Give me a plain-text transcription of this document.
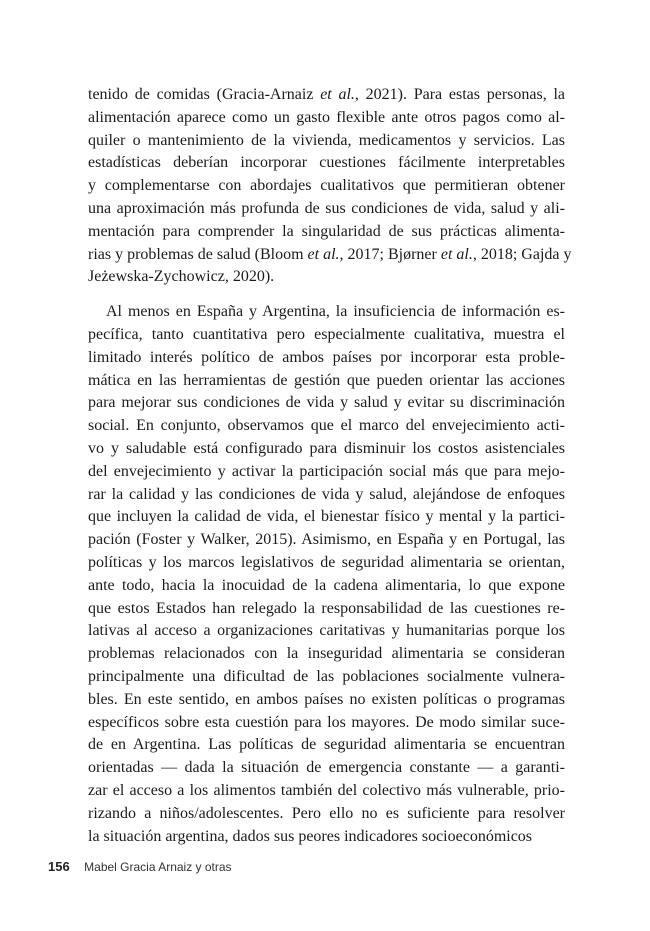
tenido de comidas (Gracia-Arnaiz et al., 2021). Para estas personas, la
alimentación aparece como un gasto flexible ante otros pagos como al-
quiler o mantenimiento de la vivienda, medicamentos y servicios. Las
estadísticas deberían incorporar cuestiones fácilmente interpretables
y complementarse con abordajes cualitativos que permitieran obtener
una aproximación más profunda de sus condiciones de vida, salud y ali-
mentación para comprender la singularidad de sus prácticas alimenta-
rias y problemas de salud (Bloom et al., 2017; Bjørner et al., 2018; Gajda y
Jeżewska-Zychowicz, 2020).
Al menos en España y Argentina, la insuficiencia de información es-
pecífica, tanto cuantitativa pero especialmente cualitativa, muestra el
limitado interés político de ambos países por incorporar esta proble-
mática en las herramientas de gestión que pueden orientar las acciones
para mejorar sus condiciones de vida y salud y evitar su discriminación
social. En conjunto, observamos que el marco del envejecimiento acti-
vo y saludable está configurado para disminuir los costos asistenciales
del envejecimiento y activar la participación social más que para mejo-
rar la calidad y las condiciones de vida y salud, alejándose de enfoques
que incluyen la calidad de vida, el bienestar físico y mental y la partici-
pación (Foster y Walker, 2015). Asimismo, en España y en Portugal, las
políticas y los marcos legislativos de seguridad alimentaria se orientan,
ante todo, hacia la inocuidad de la cadena alimentaria, lo que expone
que estos Estados han relegado la responsabilidad de las cuestiones re-
lativas al acceso a organizaciones caritativas y humanitarias porque los
problemas relacionados con la inseguridad alimentaria se consideran
principalmente una dificultad de las poblaciones socialmente vulnera-
bles. En este sentido, en ambos países no existen políticas o programas
específicos sobre esta cuestión para los mayores. De modo similar suce-
de en Argentina. Las políticas de seguridad alimentaria se encuentran
orientadas — dada la situación de emergencia constante — a garanti-
zar el acceso a los alimentos también del colectivo más vulnerable, prio-
rizando a niños/adolescentes. Pero ello no es suficiente para resolver
la situación argentina, dados sus peores indicadores socioeconómicos
156 Mabel Gracia Arnaiz y otras
